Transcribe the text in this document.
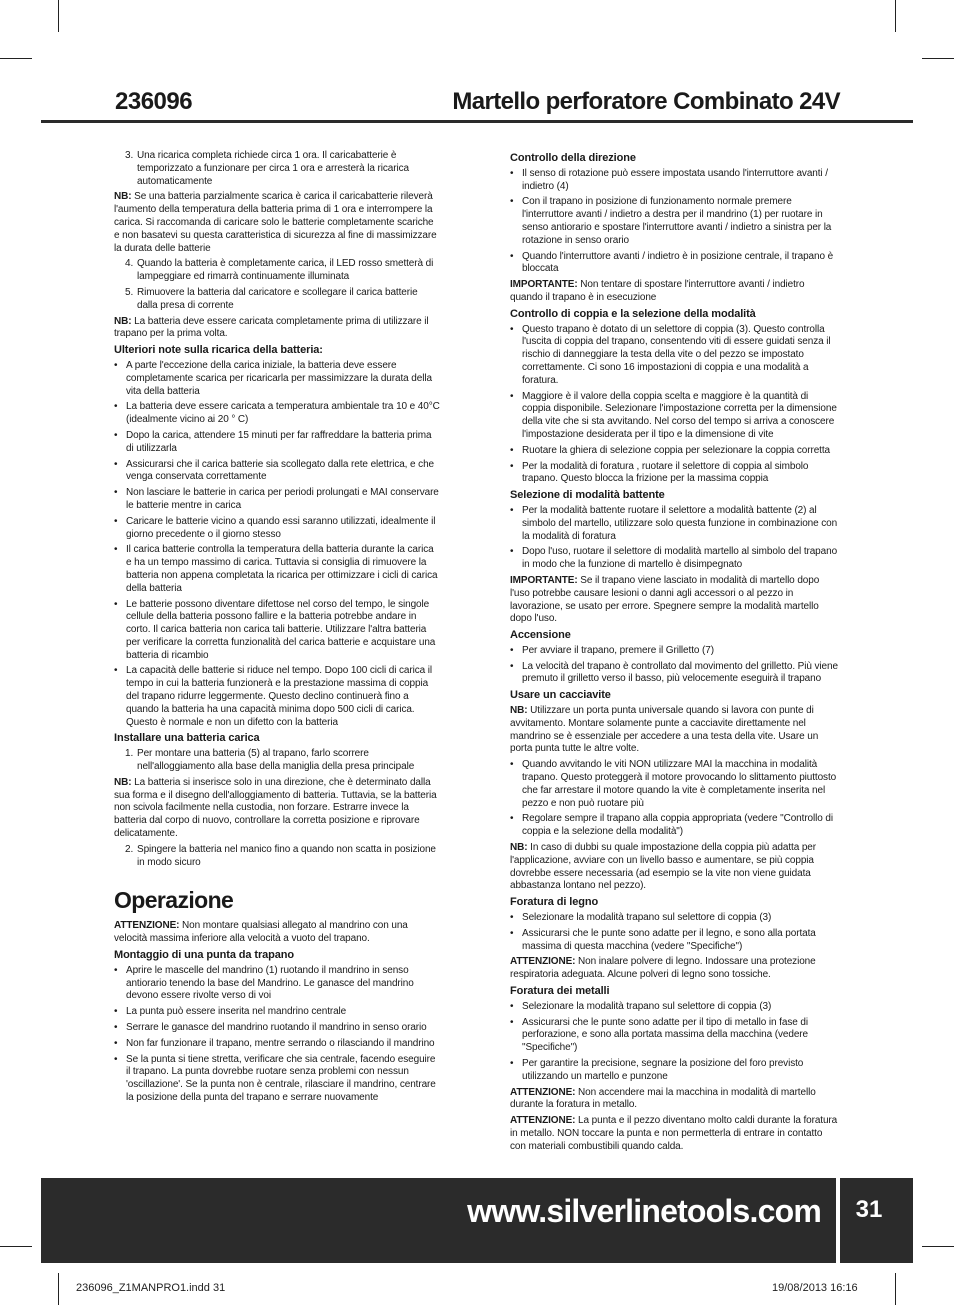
236096	Martello perforatore Combinato 24V
3. Una ricarica completa richiede circa 1 ora. Il caricabatterie è temporizzato a funzionare per circa 1 ora e arresterà la ricarica automaticamente

NB: Se una batteria parzialmente scarica è carica il caricabatterie rileverà l'aumento della temperatura della batteria prima di 1 ora e interrompere la carica. Si raccomanda di caricare solo le batterie completamente scariche e non basatevi su questa caratteristica di sicurezza al fine di massimizzare la durata delle batterie

4. Quando la batteria è completamente carica, il LED rosso smetterà di lampeggiare ed rimarrà continuamente illuminata
5. Rimuovere la batteria dal caricatore e scollegare il carica batterie dalla presa di corrente

NB: La batteria deve essere caricata completamente prima di utilizzare il trapano per la prima volta.

Ulteriori note sulla ricarica della batteria:
• A parte l'eccezione della carica iniziale, la batteria deve essere completamente scarica per ricaricarla per massimizzare la durata della vita della batteria
• La batteria deve essere caricata a temperatura ambientale tra 10 e 40°C (idealmente vicino ai 20 ° C)
• Dopo la carica, attendere 15 minuti per far raffreddare la batteria prima di utilizzarla
• Assicurarsi che il carica batterie sia scollegato dalla rete elettrica, e che venga conservata correttamente
• Non lasciare le batterie in carica per periodi prolungati e MAI conservare le batterie mentre in carica
• Caricare le batterie vicino a quando essi saranno utilizzati, idealmente il giorno precedente o il giorno stesso
• Il carica batterie controlla la temperatura della batteria durante la carica e ha un tempo massimo di carica. Tuttavia si consiglia di rimuovere la batteria non appena completata la ricarica per ottimizzare i cicli di carica della batteria
• Le batterie possono diventare difettose nel corso del tempo, le singole cellule della batteria possono fallire e la batteria potrebbe andare in corto. Il carica batteria non carica tali batterie. Utilizzare l'altra batteria per verificare la corretta funzionalità del carica batterie e acquistare una batteria di ricambio
• La capacità delle batterie si riduce nel tempo. Dopo 100 cicli di carica il tempo in cui la batteria funzionerà e la prestazione massima di coppia del trapano ridurre leggermente. Questo declino continuerà fino a quando la batteria ha una capacità minima dopo 500 cicli di carica. Questo è normale e non un difetto con la batteria
Installare una batteria carica
1. Per montare una batteria (5) al trapano, farlo scorrere nell'alloggiamento alla base della maniglia della presa principale

NB: La batteria si inserisce solo in una direzione, che è determinato dalla sua forma e il disegno dell'alloggiamento di batteria. Tuttavia, se la batteria non scivola facilmente nella custodia, non forzare. Estrarre invece la batteria dal corpo di nuovo, controllare la corretta posizione e riprovare delicatamente.

2. Spingere la batteria nel manico fino a quando non scatta in posizione in modo sicuro
Operazione

ATTENZIONE: Non montare qualsiasi allegato al mandrino con una velocità massima inferiore alla velocità a vuoto del trapano.

Montaggio di una punta da trapano
• Aprire le mascelle del mandrino (1) ruotando il mandrino in senso antiorario tenendo la base del Mandrino. Le ganasce del mandrino devono essere rivolte verso di voi
• La punta può essere inserita nel mandrino centrale
• Serrare le ganasce del mandrino ruotando il mandrino in senso orario
• Non far funzionare il trapano, mentre serrando o rilasciando il mandrino
• Se la punta si tiene stretta, verificare che sia centrale, facendo eseguire il trapano. La punta dovrebbe ruotare senza problemi con nessun 'oscillazione'. Se la punta non è centrale, rilasciare il mandrino, centrare la posizione della punta del trapano e serrare nuovamente
Controllo della direzione
• Il senso di rotazione può essere impostata usando l'interruttore avanti / indietro (4)
• Con il trapano in posizione di funzionamento normale premere l'interruttore avanti / indietro a destra per il mandrino (1) per ruotare in senso antiorario e spostare l'interruttore avanti / indietro a sinistra per la rotazione in senso orario
• Quando l'interruttore avanti / indietro è in posizione centrale, il trapano è bloccata

IMPORTANTE: Non tentare di spostare l'interruttore avanti / indietro quando il trapano è in esecuzione

Controllo di coppia e la selezione della modalità
• Questo trapano è dotato di un selettore di coppia (3). Questo controlla l'uscita di coppia del trapano, consentendo viti di essere guidati senza il rischio di danneggiare la testa della vite o del pezzo se impostato correttamente. Ci sono 16 impostazioni di coppia e una modalità a foratura.
• Maggiore è il valore della coppia scelta e maggiore è la quantità di coppia disponibile. Selezionare l'impostazione corretta per la dimensione della vite che si sta avvitando. Nel corso del tempo si arriva a conoscere l'impostazione desiderata per il tipo e la dimensione di vite
• Ruotare la ghiera di selezione coppia per selezionare la coppia corretta
• Per la modalità di foratura , ruotare il selettore di coppia al simbolo trapano. Questo blocca la frizione per la massima coppia
Selezione di modalità battente
• Per la modalità battente ruotare il selettore a modalità battente (2) al simbolo del martello, utilizzare solo questa funzione in combinazione con la modalità di foratura
• Dopo l'uso, ruotare il selettore di modalità martello al simbolo del trapano in modo che la funzione di martello è disimpegnato

IMPORTANTE: Se il trapano viene lasciato in modalità di martello dopo l'uso potrebbe causare lesioni o danni agli accessori o al pezzo in lavorazione, se usato per errore. Spegnere sempre la modalità martello dopo l'uso.

Accensione
• Per avviare il trapano, premere il Grilletto (7)
• La velocità del trapano è controllato dal movimento del grilletto. Più viene premuto il grilletto verso il basso, più velocemente eseguirà il trapano
Usare un cacciavite

NB: Utilizzare un porta punta universale quando si lavora con punte di avvitamento. Montare solamente punte a cacciavite direttamente nel mandrino se è essenziale per accedere a una testa della vite. Usare un porta punta tutte le altre volte.

• Quando avvitando le viti NON utilizzare MAI la macchina in modalità trapano. Questo proteggerà il motore provocando lo slittamento piuttosto che far arrestare il motore quando la vite è completamente inserita nel pezzo e non può ruotare più
• Regolare sempre il trapano alla coppia appropriata (vedere "Controllo di coppia e la selezione della modalità")

NB: In caso di dubbi su quale impostazione della coppia più adatta per l'applicazione, avviare con un livello basso e aumentare, se più coppia dovrebbe essere necessaria (ad esempio se la vite non viene guidata abbastanza lontano nel pezzo).

Foratura di legno
• Selezionare la modalità trapano sul selettore di coppia (3)
• Assicurarsi che le punte sono adatte per il legno, e sono alla portata massima di questa macchina (vedere "Specifiche")

ATTENZIONE: Non inalare polvere di legno. Indossare una protezione respiratoria adeguata. Alcune polveri di legno sono tossiche.

Foratura dei metalli
• Selezionare la modalità trapano sul selettore di coppia (3)
• Assicurarsi che le punte sono adatte per il tipo di metallo in fase di perforazione, e sono alla portata massima della macchina (vedere "Specifiche")
• Per garantire la precisione, segnare la posizione del foro previsto utilizzando un martello e punzone

ATTENZIONE: Non accendere mai la macchina in modalità di martello durante la foratura in metallo.

ATTENZIONE: La punta e il pezzo diventano molto caldi durante la foratura in metallo. NON toccare la punta e non permetterla di entrare in contatto con materiali combustibili quando calda.

www.silverlinetools.com 31
236096_Z1MANPRO1.indd 31	19/08/2013 16:16
